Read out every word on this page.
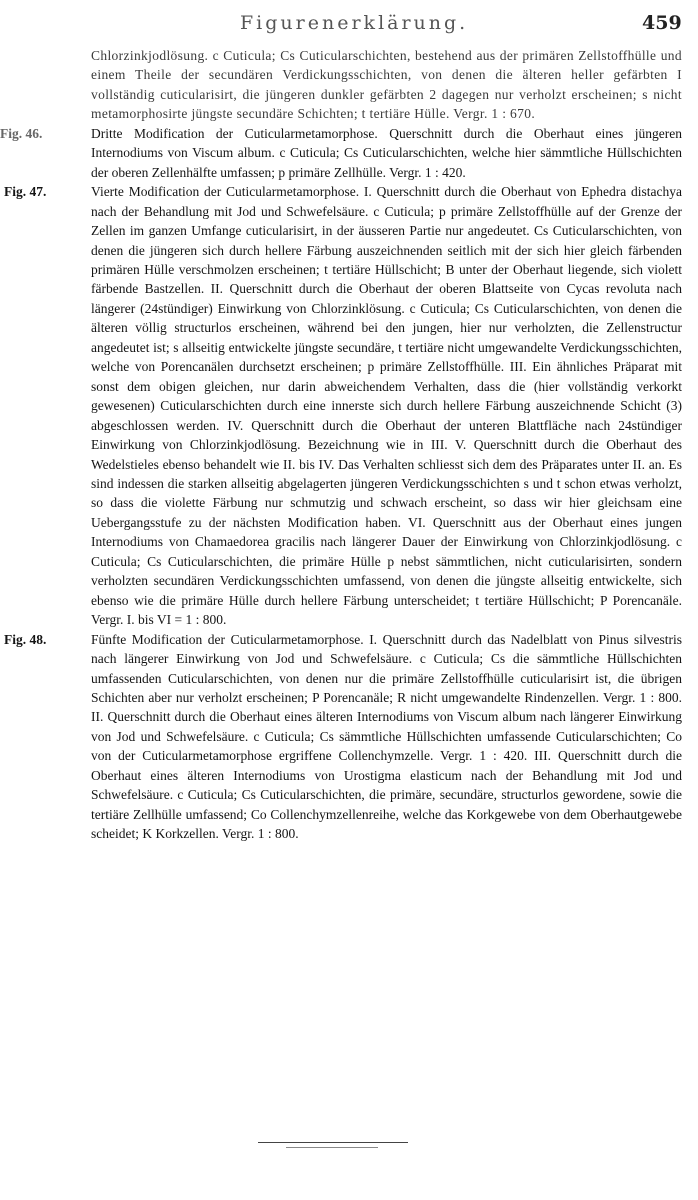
Figurenerklärung.	459

Chlorzinkjodlösung. c Cuticula; Cs Cuticularschichten, bestehend aus der primären Zellstoffhülle und einem Theile der secundären Verdickungsschichten, von denen die älteren heller gefärbten I vollständig cuticularisirt, die jüngeren dunkler gefärbten 2 dagegen nur verholzt erscheinen; s nicht metamorphosirte jüngste secundäre Schichten; t tertiäre Hülle. Vergr. 1 : 670.

Fig. 46.	Dritte Modification der Cuticularmetamorphose. Querschnitt durch die Oberhaut eines jüngeren Internodiums von Viscum album. c Cuticula; Cs Cuticularschichten, welche hier sämmtliche Hüllschichten der oberen Zellenhälfte umfassen; p primäre Zellhülle. Vergr. 1 : 420.

Fig. 47.	Vierte Modification der Cuticularmetamorphose. I. Querschnitt durch die Oberhaut von Ephedra distachya nach der Behandlung mit Jod und Schwefelsäure. c Cuticula; p primäre Zellstoffhülle auf der Grenze der Zellen im ganzen Umfange cuticularisirt, in der äusseren Partie nur angedeutet. Cs Cuticularschichten, von denen die jüngeren sich durch hellere Färbung auszeichnenden seitlich mit der sich hier gleich färbenden primären Hülle verschmolzen erscheinen; t tertiäre Hüllschicht; B unter der Oberhaut liegende, sich violett färbende Bastzellen. II. Querschnitt durch die Oberhaut der oberen Blattseite von Cycas revoluta nach längerer (24stündiger) Einwirkung von Chlorzinklösung. c Cuticula; Cs Cuticularschichten, von denen die älteren völlig structurlos erscheinen, während bei den jungen, hier nur verholzten, die Zellenstructur angedeutet ist; s allseitig entwickelte jüngste secundäre, t tertiäre nicht umgewandelte Verdickungsschichten, welche von Porencanälen durchsetzt erscheinen; p primäre Zellstoffhülle. III. Ein ähnliches Präparat mit sonst dem obigen gleichen, nur darin abweichendem Verhalten, dass die (hier vollständig verkorkt gewesenen) Cuticularschichten durch eine innerste sich durch hellere Färbung auszeichnende Schicht (3) abgeschlossen werden. IV. Querschnitt durch die Oberhaut der unteren Blattfläche nach 24stündiger Einwirkung von Chlorzinkjodlösung. Bezeichnung wie in III. V. Querschnitt durch die Oberhaut des Wedelstieles ebenso behandelt wie II. bis IV. Das Verhalten schliesst sich dem des Präparates unter II. an. Es sind indessen die starken allseitig abgelagerten jüngeren Verdickungsschichten s und t schon etwas verholzt, so dass die violette Färbung nur schmutzig und schwach erscheint, so dass wir hier gleichsam eine Uebergangsstufe zu der nächsten Modification haben. VI. Querschnitt aus der Oberhaut eines jungen Internodiums von Chamaedorea gracilis nach längerer Dauer der Einwirkung von Chlorzinkjodlösung. c Cuticula; Cs Cuticularschichten, die primäre Hülle p nebst sämmtlichen, nicht cuticularisirten, sondern verholzten secundären Verdickungsschichten umfassend, von denen die jüngste allseitig entwickelte, sich ebenso wie die primäre Hülle durch hellere Färbung unterscheidet; t tertiäre Hüllschicht; P Porencanäle. Vergr. I. bis VI = 1 : 800.

Fig. 48.	Fünfte Modification der Cuticularmetamorphose. I. Querschnitt durch das Nadelblatt von Pinus silvestris nach längerer Einwirkung von Jod und Schwefelsäure. c Cuticula; Cs die sämmtliche Hüllschichten umfassenden Cuticularschichten, von denen nur die primäre Zellstoffhülle cuticularisirt ist, die übrigen Schichten aber nur verholzt erscheinen; P Porencanäle; R nicht umgewandelte Rindenzellen. Vergr. 1 : 800. II. Querschnitt durch die Oberhaut eines älteren Internodiums von Viscum album nach längerer Einwirkung von Jod und Schwefelsäure. c Cuticula; Cs sämmtliche Hüllschichten umfassende Cuticularschichten; Co von der Cuticularmetamorphose ergriffene Collenchymzelle. Vergr. 1 : 420. III. Querschnitt durch die Oberhaut eines älteren Internodiums von Urostigma elasticum nach der Behandlung mit Jod und Schwefelsäure. c Cuticula; Cs Cuticularschichten, die primäre, secundäre, structurlos gewordene, sowie die tertiäre Zellhülle umfassend; Co Collenchymzellenreihe, welche das Korkgewebe von dem Oberhautgewebe scheidet; K Korkzellen. Vergr. 1 : 800.
